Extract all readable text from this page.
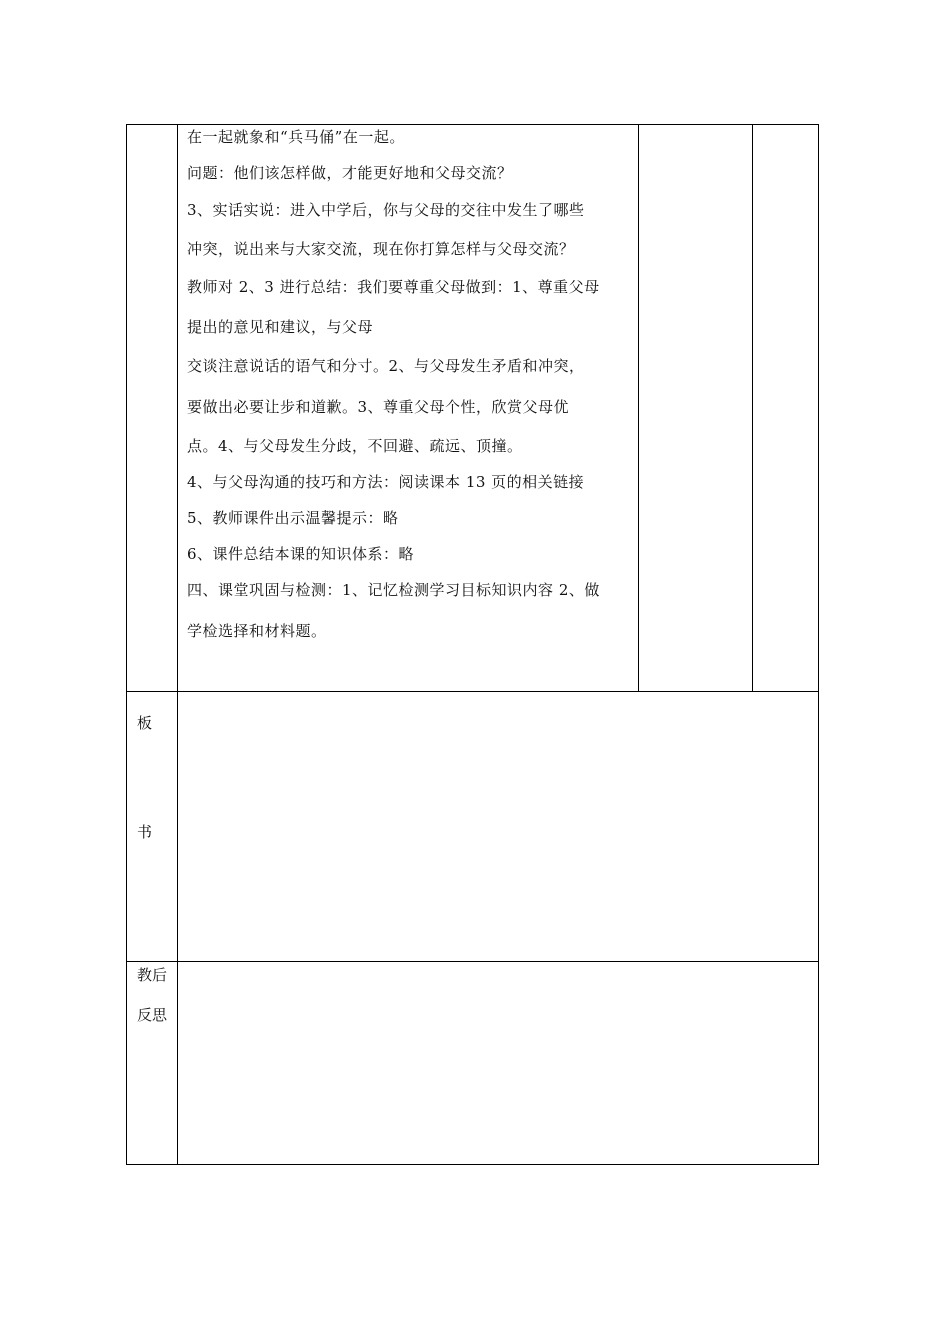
在一起就象和“兵马俑”在一起。
问题：他们该怎样做，才能更好地和父母交流？
3、实话实说：进入中学后，你与父母的交往中发生了哪些
冲突，说出来与大家交流，现在你打算怎样与父母交流？
教师对 2、3 进行总结：我们要尊重父母做到：1、尊重父母
提出的意见和建议，与父母
交谈注意说话的语气和分寸。2、与父母发生矛盾和冲突，
要做出必要让步和道歉。3、尊重父母个性，欣赏父母优
点。4、与父母发生分歧，不回避、疏远、顶撞。
4、与父母沟通的技巧和方法：阅读课本 13 页的相关链接
5、教师课件出示温馨提示：略
6、课件总结本课的知识体系：略
四、课堂巩固与检测：1、记忆检测学习目标知识内容 2、做
学检选择和材料题。
板
书
教后
反思
